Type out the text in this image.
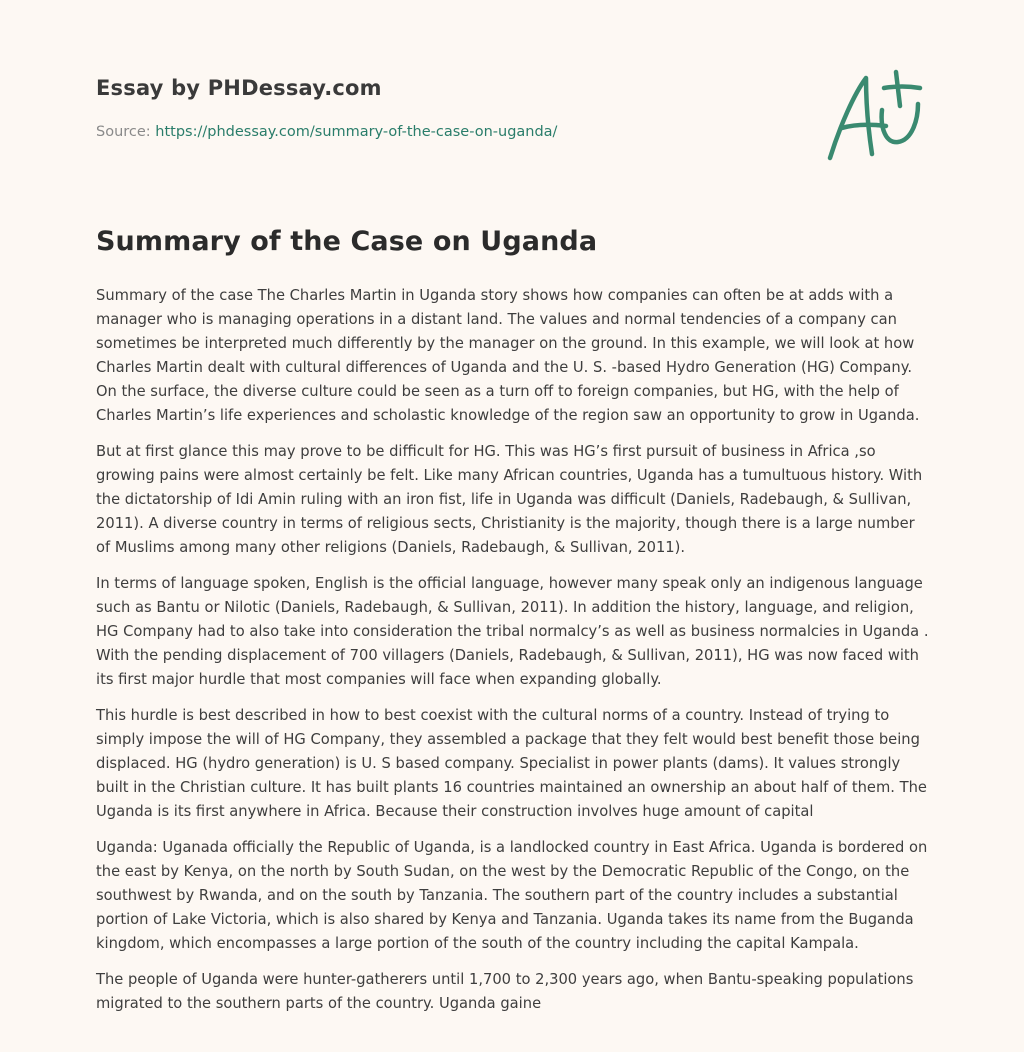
Essay by PHDessay.com
Source: https://phdessay.com/summary-of-the-case-on-uganda/
Summary of the Case on Uganda

Summary of the case The Charles Martin in Uganda story shows how companies can often be at adds with a manager who is managing operations in a distant land. The values and normal tendencies of a company can sometimes be interpreted much differently by the manager on the ground. In this example, we will look at how Charles Martin dealt with cultural differences of Uganda and the U. S. -based Hydro Generation (HG) Company. On the surface, the diverse culture could be seen as a turn off to foreign companies, but HG, with the help of Charles Martin’s life experiences and scholastic knowledge of the region saw an opportunity to grow in Uganda.

But at first glance this may prove to be difficult for HG. This was HG’s first pursuit of business in Africa ,so growing pains were almost certainly be felt. Like many African countries, Uganda has a tumultuous history. With the dictatorship of Idi Amin ruling with an iron fist, life in Uganda was difficult (Daniels, Radebaugh, & Sullivan, 2011). A diverse country in terms of religious sects, Christianity is the majority, though there is a large number of Muslims among many other religions (Daniels, Radebaugh, & Sullivan, 2011).

In terms of language spoken, English is the official language, however many speak only an indigenous language such as Bantu or Nilotic (Daniels, Radebaugh, & Sullivan, 2011). In addition the history, language, and religion, HG Company had to also take into consideration the tribal normalcy’s as well as business normalcies in Uganda . With the pending displacement of 700 villagers (Daniels, Radebaugh, & Sullivan, 2011), HG was now faced with its first major hurdle that most companies will face when expanding globally.

This hurdle is best described in how to best coexist with the cultural norms of a country. Instead of trying to simply impose the will of HG Company, they assembled a package that they felt would best benefit those being displaced. HG (hydro generation) is U. S based company. Specialist in power plants (dams). It values strongly built in the Christian culture. It has built plants 16 countries maintained an ownership an about half of them. The Uganda is its first anywhere in Africa. Because their construction involves huge amount of capital

Uganda: Uganada officially the Republic of Uganda, is a landlocked country in East Africa. Uganda is bordered on the east by Kenya, on the north by South Sudan, on the west by the Democratic Republic of the Congo, on the southwest by Rwanda, and on the south by Tanzania. The southern part of the country includes a substantial portion of Lake Victoria, which is also shared by Kenya and Tanzania. Uganda takes its name from the Buganda kingdom, which encompasses a large portion of the south of the country including the capital Kampala.

The people of Uganda were hunter-gatherers until 1,700 to 2,300 years ago, when Bantu-speaking populations migrated to the southern parts of the country. Uganda gaine
